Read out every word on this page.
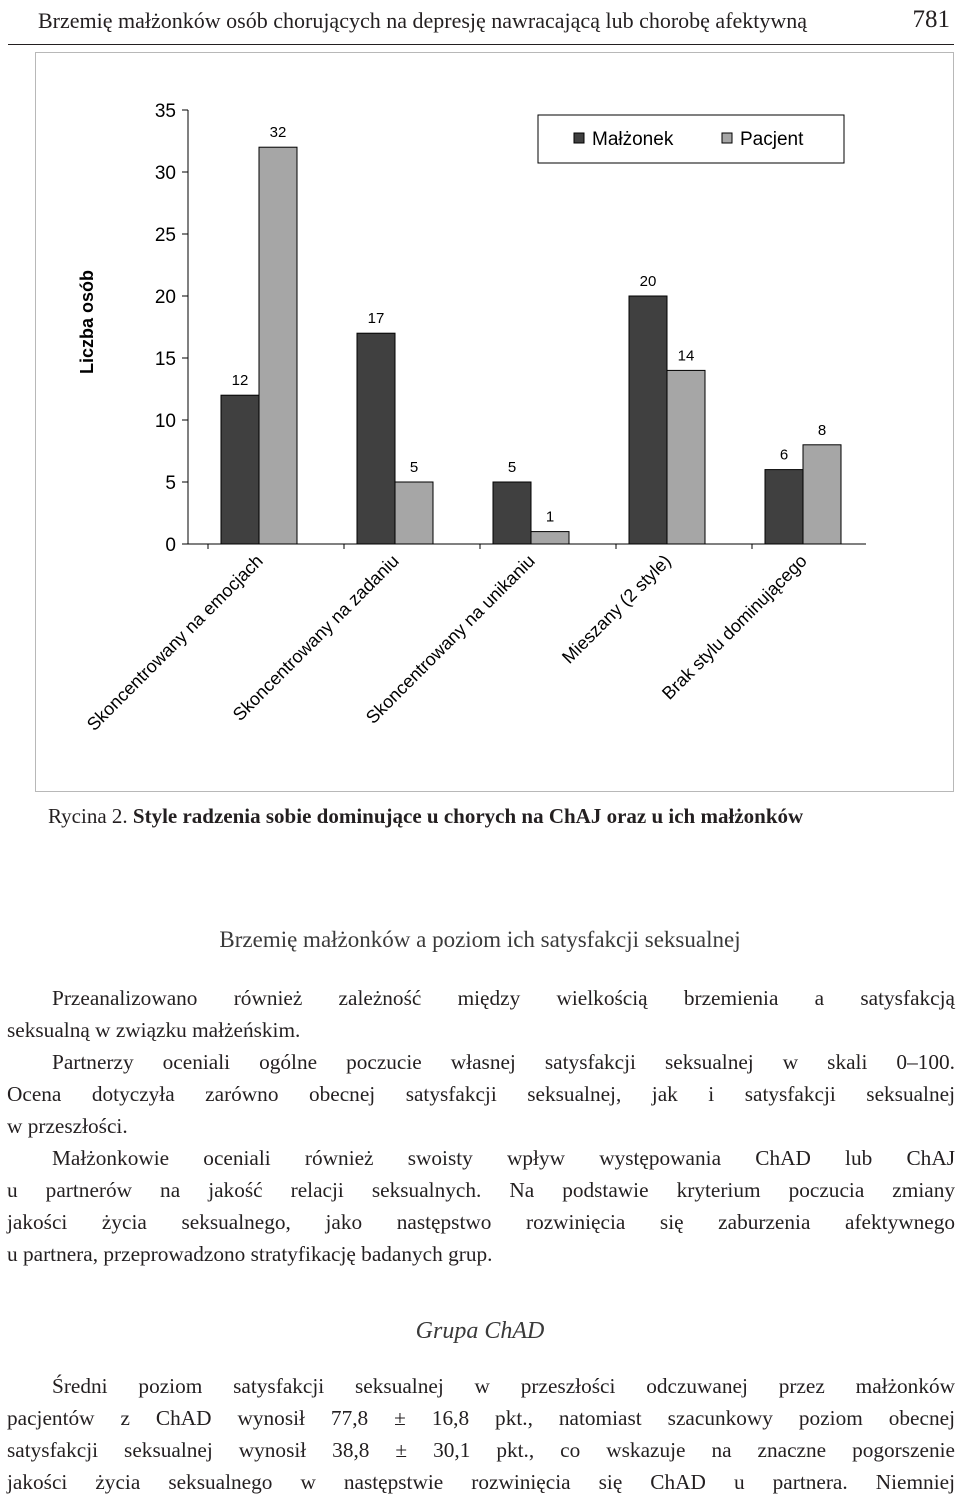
Brzemię małżonków osób chorujących na depresję nawracającą lub chorobę afektywną	781
0
5
10
15
20
25
30
35
Liczba osób
12
32
Skoncentrowany na emocjach
17
5
Skoncentrowany na zadaniu
5
1
Skoncentrowany na unikaniu
20
14
Mieszany (2 style)
6
8
Brak stylu dominującego
Małżonek	Pacjent
Rycina 2. Style radzenia sobie dominujące u chorych na ChAJ oraz u ich małżonków
Brzemię małżonków a poziom ich satysfakcji seksualnej
Przeanalizowano również zależność między wielkością brzemienia a satysfakcją
seksualną w związku małżeńskim.
Partnerzy oceniali ogólne poczucie własnej satysfakcji seksualnej w skali 0–100.
Ocena dotyczyła zarówno obecnej satysfakcji seksualnej, jak i satysfakcji seksualnej
w przeszłości.
Małżonkowie oceniali również swoisty wpływ występowania ChAD lub ChAJ
u partnerów na jakość relacji seksualnych. Na podstawie kryterium poczucia zmiany
jakości życia seksualnego, jako następstwo rozwinięcia się zaburzenia afektywnego
u partnera, przeprowadzono stratyfikację badanych grup.
Grupa ChAD
Średni poziom satysfakcji seksualnej w przeszłości odczuwanej przez małżonków
pacjentów z ChAD wynosił 77,8 ± 16,8 pkt., natomiast szacunkowy poziom obecnej
satysfakcji seksualnej wynosił 38,8 ± 30,1 pkt., co wskazuje na znaczne pogorszenie
jakości życia seksualnego w następstwie rozwinięcia się ChAD u partnera. Niemniej
